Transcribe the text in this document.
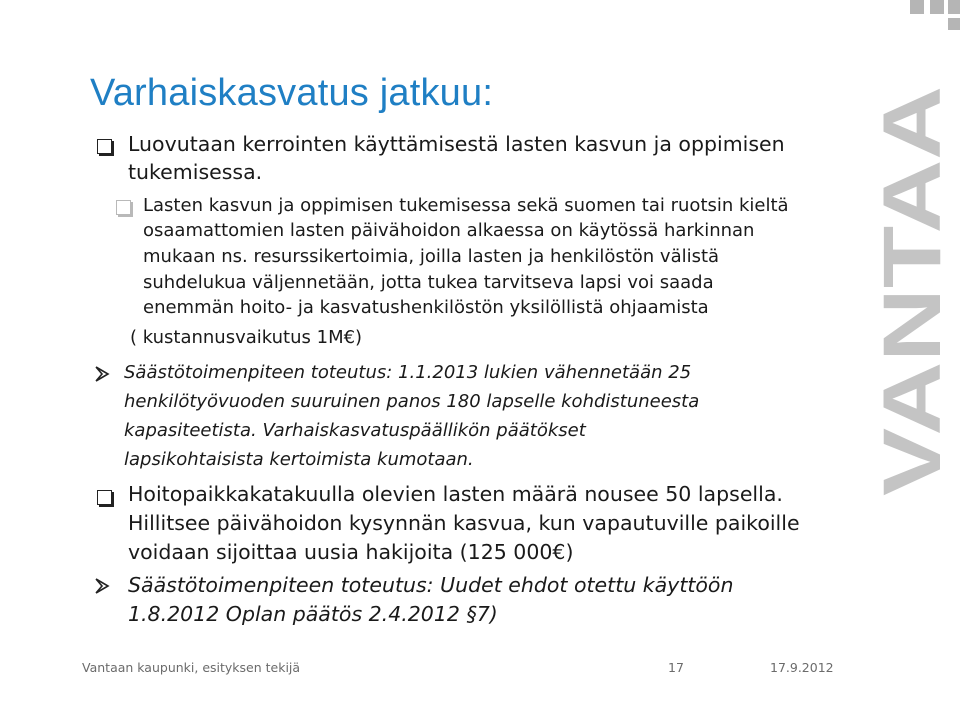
VANTAA
Varhaiskasvatus jatkuu:
Luovutaan kerrointen käyttämisestä lasten kasvun ja oppimisen
tukemisessa.
Lasten kasvun ja oppimisen tukemisessa sekä suomen tai ruotsin kieltä
osaamattomien lasten päivähoidon alkaessa on käytössä harkinnan
mukaan ns. resurssikertoimia, joilla lasten ja henkilöstön välistä
suhdelukua väljennetään, jotta tukea tarvitseva lapsi voi saada
enemmän hoito- ja kasvatushenkilöstön yksilöllistä ohjaamista
( kustannusvaikutus 1M€)
Säästötoimenpiteen toteutus: 1.1.2013 lukien vähennetään 25
henkilötyövuoden suuruinen panos 180 lapselle kohdistuneesta
kapasiteetista. Varhaiskasvatuspäällikön päätökset
lapsikohtaisista kertoimista kumotaan.
Hoitopaikkakatakuulla olevien lasten määrä nousee 50 lapsella.
Hillitsee päivähoidon kysynnän kasvua, kun vapautuville paikoille
voidaan sijoittaa uusia hakijoita (125 000€)
Säästötoimenpiteen toteutus: Uudet ehdot otettu käyttöön
1.8.2012 Oplan päätös 2.4.2012 §7)
Vantaan kaupunki, esityksen tekijä	17	17.9.2012
